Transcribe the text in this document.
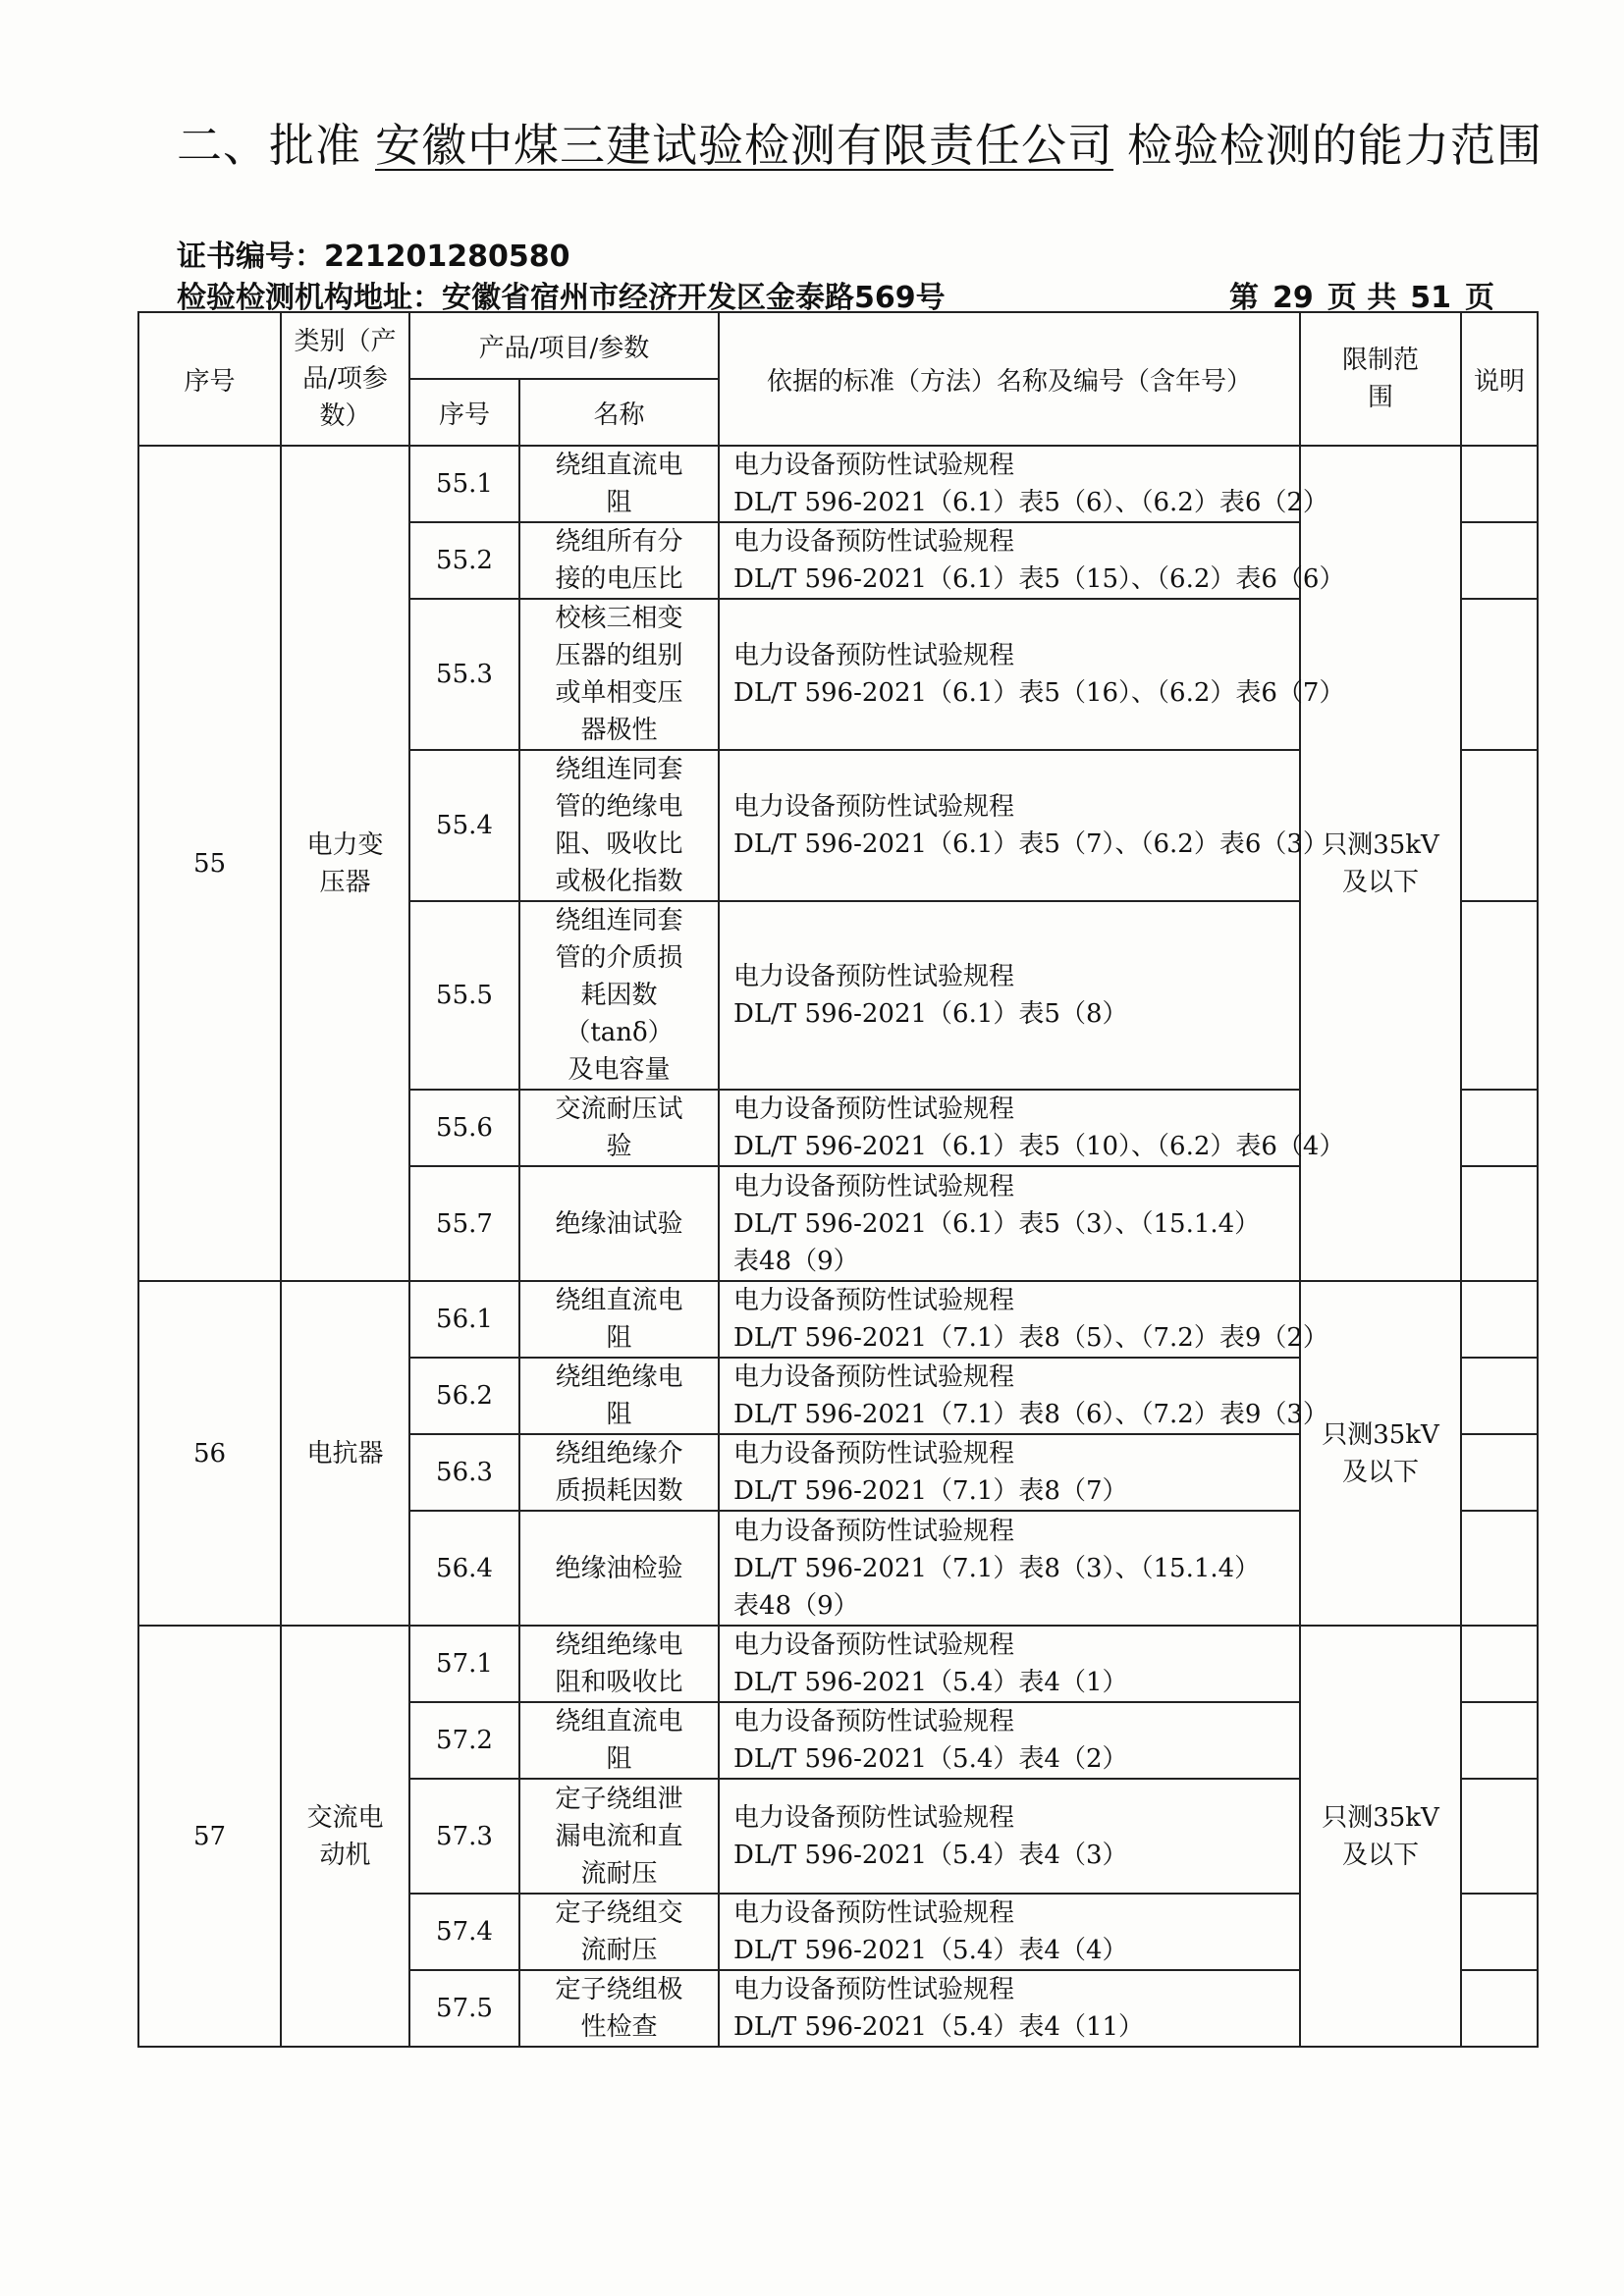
二、批准 安徽中煤三建试验检测有限责任公司 检验检测的能力范围
证书编号：221201280580
检验检测机构地址：安徽省宿州市经济开发区金泰路569号	第 29 页 共 51 页
序号	类别（产品/项参数）	产品/项目/参数		依据的标准（方法）名称及编号（含年号）	限制范围	说明
		序号	名称			
55	电力变压器	55.1	绕组直流电阻	电力设备预防性试验规程
DL/T 596-2021（6.1）表5（6）、（6.2）表6（2）	只测35kV及以下	
		55.2	绕组所有分接的电压比	电力设备预防性试验规程
DL/T 596-2021（6.1）表5（15）、（6.2）表6（6）		

		55.3	校核三相变压器的组别或单相变压器极性	电力设备预防性试验规程
DL/T 596-2021（6.1）表5（16）、（6.2）表6（7）		

		55.4	绕组连同套管的绝缘电阻、吸收比或极化指数	电力设备预防性试验规程
DL/T 596-2021（6.1）表5（7）、（6.2）表6（3）		

		55.5	绕组连同套管的介质损耗因数（tanδ）及电容量	电力设备预防性试验规程
DL/T 596-2021（6.1）表5（8）		

		55.6	交流耐压试验	电力设备预防性试验规程
DL/T 596-2021（6.1）表5（10）、（6.2）表6（4）		

		55.7	绝缘油试验	电力设备预防性试验规程
DL/T 596-2021（6.1）表5（3）、（15.1.4）
表48（9）		

56	电抗器	56.1	绕组直流电阻	电力设备预防性试验规程
DL/T 596-2021（7.1）表8（5）、（7.2）表9（2）	只测35kV及以下	
		56.2	绕组绝缘电阻	电力设备预防性试验规程
DL/T 596-2021（7.1）表8（6）、（7.2）表9（3）		

		56.3	绕组绝缘介质损耗因数	电力设备预防性试验规程
DL/T 596-2021（7.1）表8（7）		

		56.4	绝缘油检验	电力设备预防性试验规程
DL/T 596-2021（7.1）表8（3）、（15.1.4）
表48（9）		

57	交流电动机	57.1	绕组绝缘电阻和吸收比	电力设备预防性试验规程
DL/T 596-2021（5.4）表4（1）	只测35kV及以下	
		57.2	绕组直流电阻	电力设备预防性试验规程
DL/T 596-2021（5.4）表4（2）		

		57.3	定子绕组泄漏电流和直流耐压	电力设备预防性试验规程
DL/T 596-2021（5.4）表4（3）		

		57.4	定子绕组交流耐压	电力设备预防性试验规程
DL/T 596-2021（5.4）表4（4）		

		57.5	定子绕组极性检查	电力设备预防性试验规程
DL/T 596-2021（5.4）表4（11）		
